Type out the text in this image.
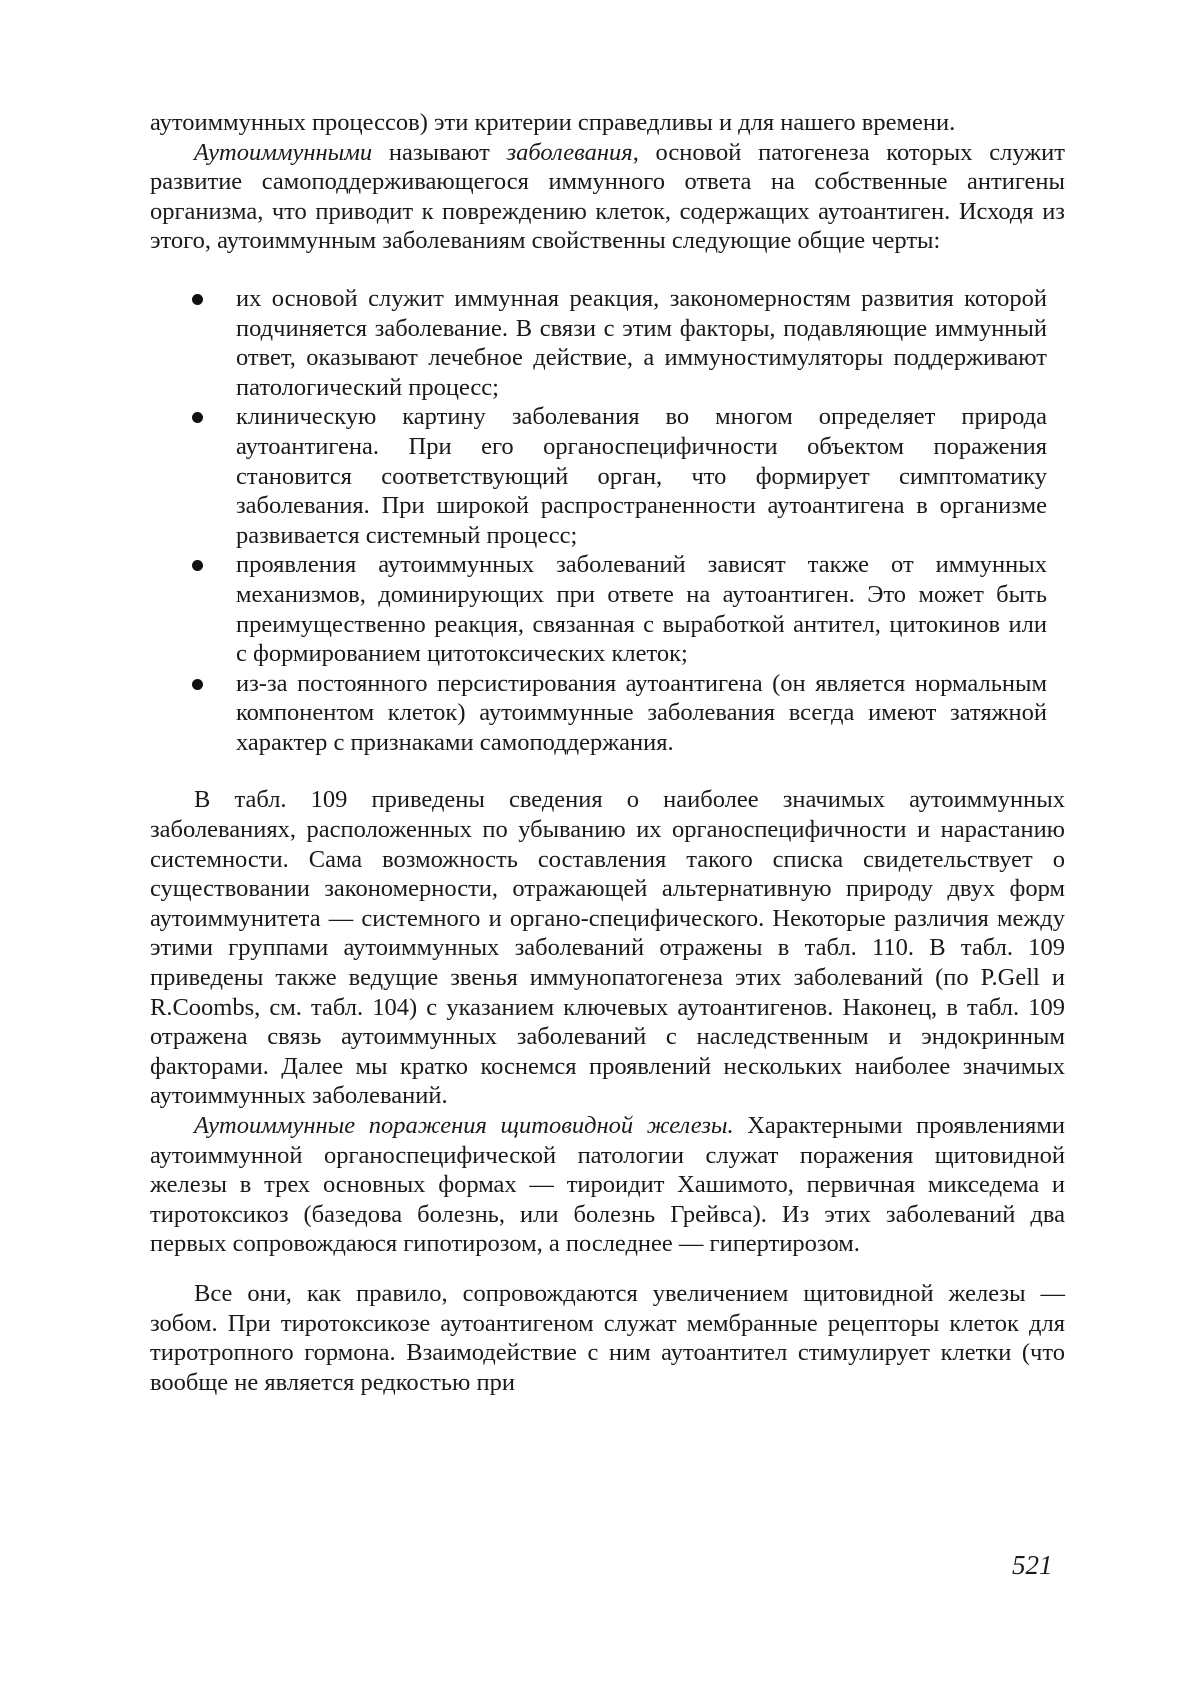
аутоиммунных процессов) эти критерии справедливы и для нашего времени.

Аутоиммунными называют заболевания, основой патогенеза которых служит развитие самоподдерживающегося иммунного ответа на собственные антигены организма, что приводит к повреждению клеток, содержащих аутоантиген. Исходя из этого, аутоиммунным заболеваниям свойственны следующие общие черты:

их основой служит иммунная реакция, закономерностям развития которой подчиняется заболевание. В связи с этим факторы, подавляющие иммунный ответ, оказывают лечебное действие, а иммуностимуляторы поддерживают патологический процесс;
клиническую картину заболевания во многом определяет природа аутоантигена. При его органоспецифичности объектом поражения становится соответствующий орган, что формирует симптоматику заболевания. При широкой распространенности аутоантигена в организме развивается системный процесс;
проявления аутоиммунных заболеваний зависят также от иммунных механизмов, доминирующих при ответе на аутоантиген. Это может быть преимущественно реакция, связанная с выработкой антител, цитокинов или с формированием цитотоксических клеток;
из-за постоянного персистирования аутоантигена (он является нормальным компонентом клеток) аутоиммунные заболевания всегда имеют затяжной характер с признаками самоподдержания.

В табл. 109 приведены сведения о наиболее значимых аутоиммунных заболеваниях, расположенных по убыванию их органоспецифичности и нарастанию системности. Сама возможность составления такого списка свидетельствует о существовании закономерности, отражающей альтернативную природу двух форм аутоиммунитета — системного и органо-специфического. Некоторые различия между этими группами аутоиммунных заболеваний отражены в табл. 110. В табл. 109 приведены также ведущие звенья иммунопатогенеза этих заболеваний (по P.Gell и R.Coombs, см. табл. 104) с указанием ключевых аутоантигенов. Наконец, в табл. 109 отражена связь аутоиммунных заболеваний с наследственным и эндокринным факторами. Далее мы кратко коснемся проявлений нескольких наиболее значимых аутоиммунных заболеваний.

Аутоиммунные поражения щитовидной железы. Характерными проявлениями аутоиммунной органоспецифической патологии служат поражения щитовидной железы в трех основных формах — тироидит Хашимото, первичная микседема и тиротоксикоз (базедова болезнь, или болезнь Грейвса). Из этих заболеваний два первых сопровождаюся гипотирозом, а последнее — гипертирозом.

Все они, как правило, сопровождаются увеличением щитовидной железы — зобом. При тиротоксикозе аутоантигеном служат мембранные рецепторы клеток для тиротропного гормона. Взаимодействие с ним аутоантител стимулирует клетки (что вообще не является редкостью при

521
